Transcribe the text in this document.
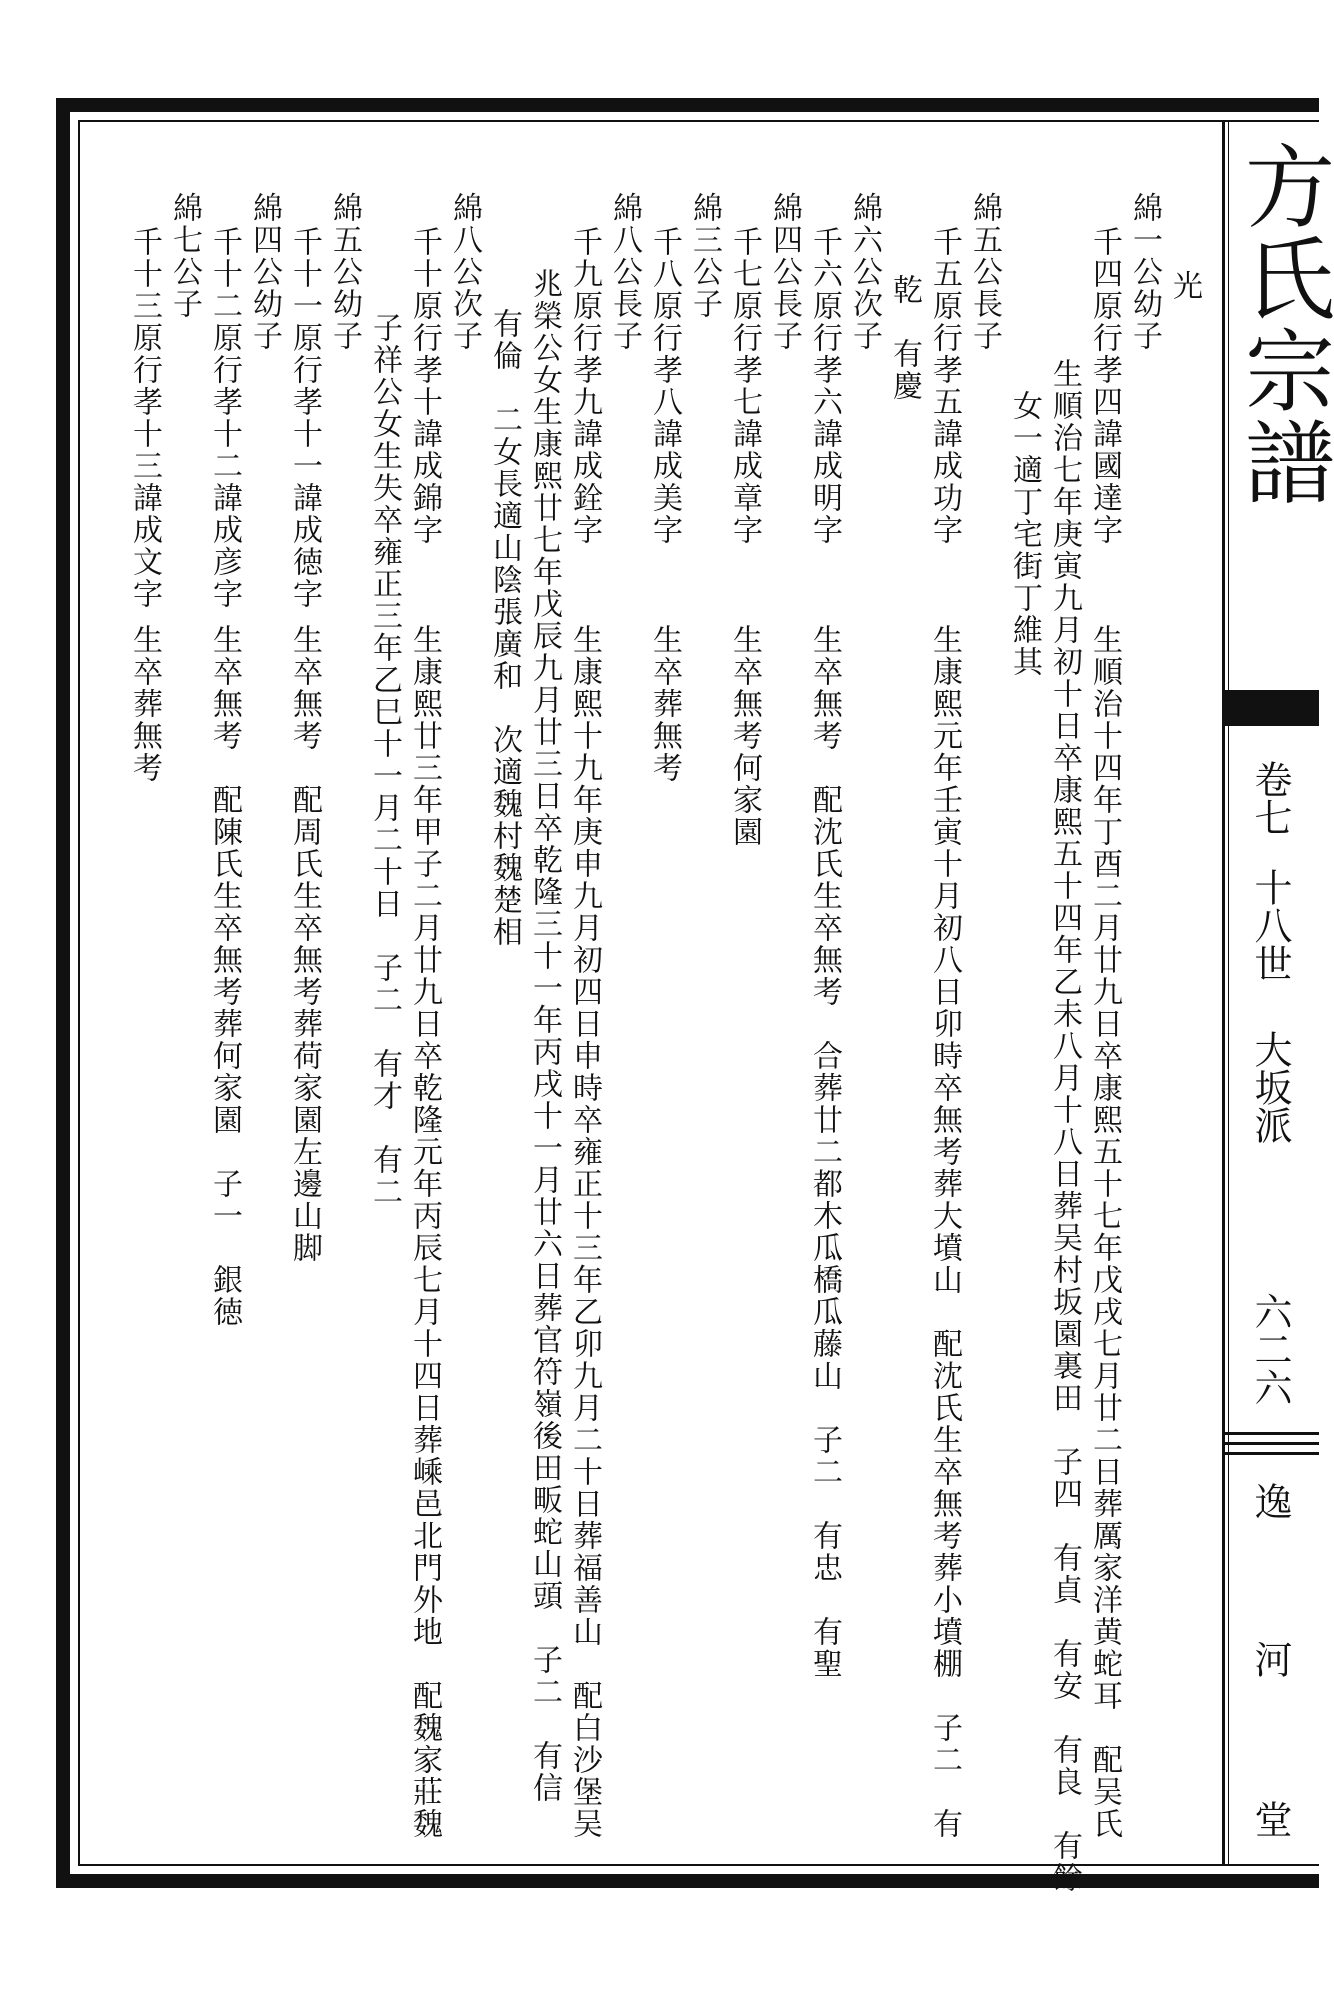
方氏宗譜
卷七
十八世
大坂派
六二六
逸
河
堂
光
綿一公幼子
千四原行孝四諱國達字
生順治十四年丁酉二月廿九日卒康熙五十七年戊戌七月廿二日葬厲家洋黄蛇耳　配吴氏
生順治七年庚寅九月初十日卒康熙五十四年乙未八月十八日葬吴村坂園裏田　子四　有貞　有安　有良　有餘
女一適丁宅街丁維其
綿五公長子
千五原行孝五諱成功字
生康熙元年壬寅十月初八日卯時卒無考葬大墳山　配沈氏生卒無考葬小墳棚　子二　有
乾　有慶
綿六公次子
千六原行孝六諱成明字
生卒無考　配沈氏生卒無考　合葬廿二都木瓜橋瓜藤山　子二　有忠　有聖
綿四公長子
千七原行孝七諱成章字
生卒無考何家園
綿三公子
千八原行孝八諱成美字
生卒葬無考
綿八公長子
千九原行孝九諱成銓字
生康熙十九年庚申九月初四日申時卒雍正十三年乙卯九月二十日葬福善山　配白沙堡吴
兆榮公女生康熙廿七年戊辰九月廿三日卒乾隆三十一年丙戌十一月廿六日葬官符嶺後田畈蛇山頭　子二　有信
有倫　二女長適山陰張廣和　次適魏村魏楚相
綿八公次子
千十原行孝十諱成錦字
生康熙廿三年甲子二月廿九日卒乾隆元年丙辰七月十四日葬嵊邑北門外地　配魏家莊魏
子祥公女生失卒雍正三年乙巳十一月二十日　子二　有才　有二
綿五公幼子
千十一原行孝十一諱成徳字
生卒無考　配周氏生卒無考葬荷家園左邊山脚
綿四公幼子
千十二原行孝十二諱成彦字
生卒無考　配陳氏生卒無考葬何家園　子一　銀徳
綿七公子
千十三原行孝十三諱成文字
生卒葬無考
